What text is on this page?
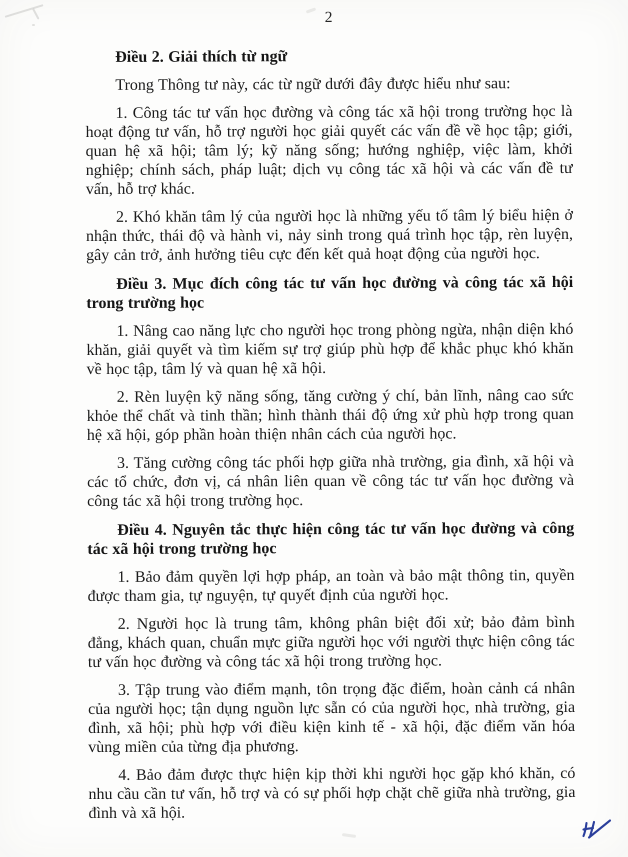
2

Điều 2. Giải thích từ ngữ

Trong Thông tư này, các từ ngữ dưới đây được hiểu như sau:

1. Công tác tư vấn học đường và công tác xã hội trong trường học là hoạt động tư vấn, hỗ trợ người học giải quyết các vấn đề về học tập; giới, quan hệ xã hội; tâm lý; kỹ năng sống; hướng nghiệp, việc làm, khởi nghiệp; chính sách, pháp luật; dịch vụ công tác xã hội và các vấn đề tư vấn, hỗ trợ khác.

2. Khó khăn tâm lý của người học là những yếu tố tâm lý biểu hiện ở nhận thức, thái độ và hành vi, nảy sinh trong quá trình học tập, rèn luyện, gây cản trở, ảnh hưởng tiêu cực đến kết quả hoạt động của người học.

Điều 3. Mục đích công tác tư vấn học đường và công tác xã hội trong trường học

1. Nâng cao năng lực cho người học trong phòng ngừa, nhận diện khó khăn, giải quyết và tìm kiếm sự trợ giúp phù hợp để khắc phục khó khăn về học tập, tâm lý và quan hệ xã hội.

2. Rèn luyện kỹ năng sống, tăng cường ý chí, bản lĩnh, nâng cao sức khỏe thể chất và tinh thần; hình thành thái độ ứng xử phù hợp trong quan hệ xã hội, góp phần hoàn thiện nhân cách của người học.

3. Tăng cường công tác phối hợp giữa nhà trường, gia đình, xã hội và các tổ chức, đơn vị, cá nhân liên quan về công tác tư vấn học đường và công tác xã hội trong trường học.

Điều 4. Nguyên tắc thực hiện công tác tư vấn học đường và công tác xã hội trong trường học

1. Bảo đảm quyền lợi hợp pháp, an toàn và bảo mật thông tin, quyền được tham gia, tự nguyện, tự quyết định của người học.

2. Người học là trung tâm, không phân biệt đối xử; bảo đảm bình đẳng, khách quan, chuẩn mực giữa người học với người thực hiện công tác tư vấn học đường và công tác xã hội trong trường học.

3. Tập trung vào điểm mạnh, tôn trọng đặc điểm, hoàn cảnh cá nhân của người học; tận dụng nguồn lực sẵn có của người học, nhà trường, gia đình, xã hội; phù hợp với điều kiện kinh tế - xã hội, đặc điểm văn hóa vùng miền của từng địa phương.

4. Bảo đảm được thực hiện kịp thời khi người học gặp khó khăn, có nhu cầu cần tư vấn, hỗ trợ và có sự phối hợp chặt chẽ giữa nhà trường, gia đình và xã hội.
